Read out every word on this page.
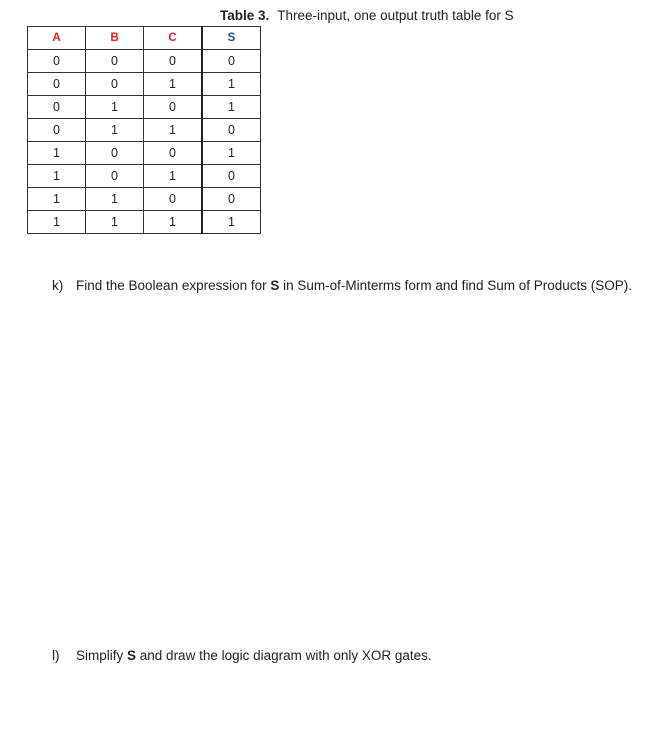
Table 3. Three-input, one output truth table for S
A	B	C	S
0	0	0	0
0	0	1	1
0	1	0	1
0	1	1	0
1	0	0	1
1	0	1	0
1	1	0	0
1	1	1	1
k) Find the Boolean expression for S in Sum-of-Minterms form and find Sum of Products (SOP).
l) Simplify S and draw the logic diagram with only XOR gates.
